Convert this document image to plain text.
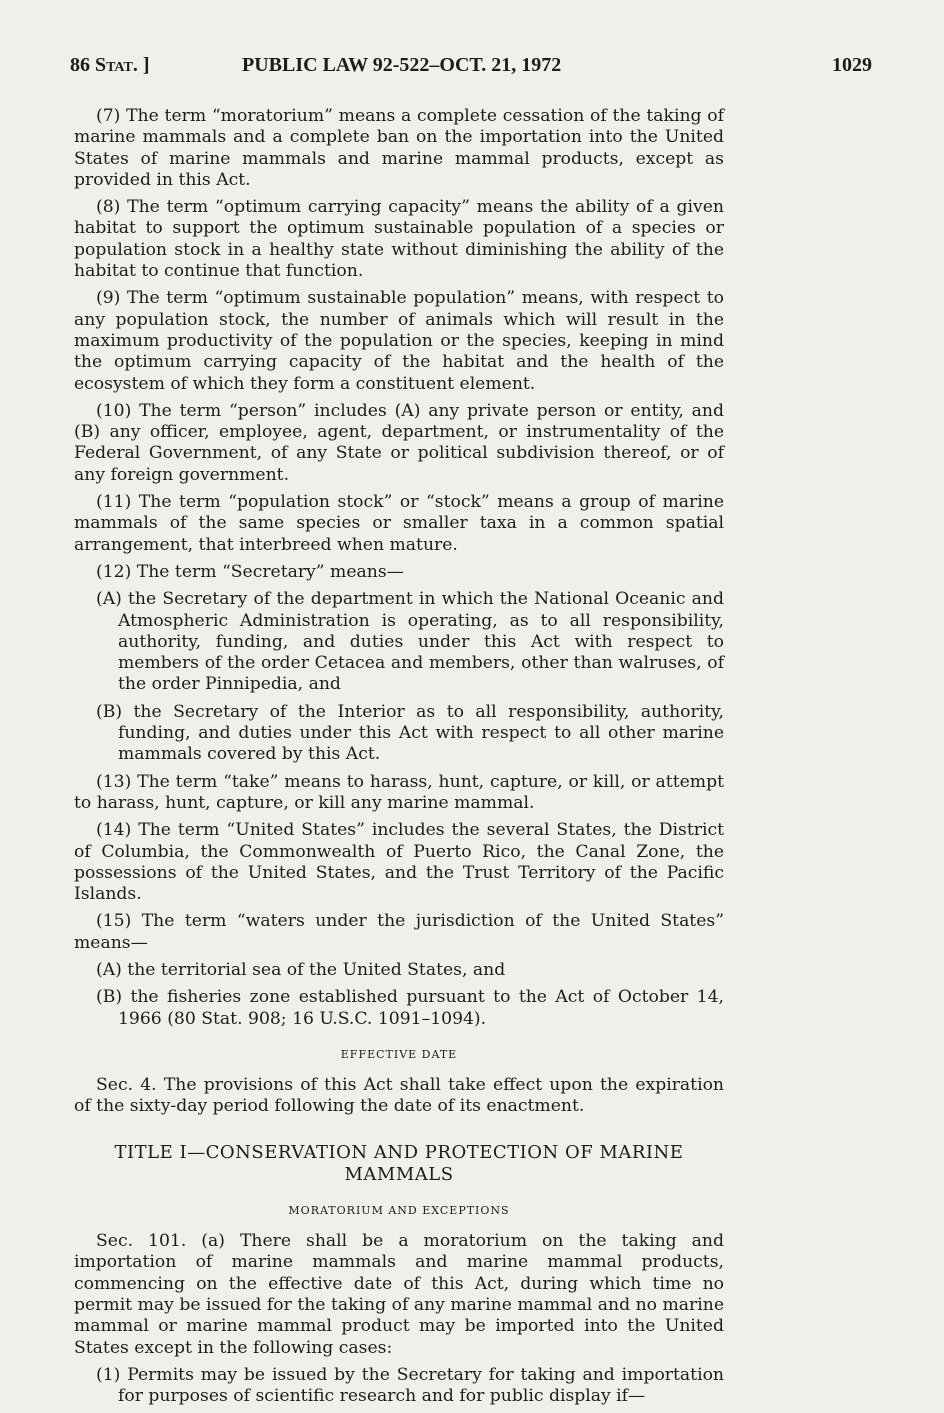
86 Stat. ]	PUBLIC LAW 92-522–OCT. 21, 1972	1029

(7) The term “moratorium” means a complete cessation of the taking of marine mammals and a complete ban on the importation into the United States of marine mammals and marine mammal products, except as provided in this Act.

(8) The term “optimum carrying capacity” means the ability of a given habitat to support the optimum sustainable population of a species or population stock in a healthy state without diminishing the ability of the habitat to continue that function.

(9) The term “optimum sustainable population” means, with respect to any population stock, the number of animals which will result in the maximum productivity of the population or the species, keeping in mind the optimum carrying capacity of the habitat and the health of the ecosystem of which they form a constituent element.

(10) The term “person” includes (A) any private person or entity, and (B) any officer, employee, agent, department, or instrumentality of the Federal Government, of any State or political subdivision thereof, or of any foreign government.

(11) The term “population stock” or “stock” means a group of marine mammals of the same species or smaller taxa in a common spatial arrangement, that interbreed when mature.

(12) The term “Secretary” means—

(A) the Secretary of the department in which the National Oceanic and Atmospheric Administration is operating, as to all responsibility, authority, funding, and duties under this Act with respect to members of the order Cetacea and members, other than walruses, of the order Pinnipedia, and

(B) the Secretary of the Interior as to all responsibility, authority, funding, and duties under this Act with respect to all other marine mammals covered by this Act.

(13) The term “take” means to harass, hunt, capture, or kill, or attempt to harass, hunt, capture, or kill any marine mammal.

(14) The term “United States” includes the several States, the District of Columbia, the Commonwealth of Puerto Rico, the Canal Zone, the possessions of the United States, and the Trust Territory of the Pacific Islands.

(15) The term “waters under the jurisdiction of the United States” means—

(A) the territorial sea of the United States, and

(B) the fisheries zone established pursuant to the Act of October 14, 1966 (80 Stat. 908; 16 U.S.C. 1091–1094).

EFFECTIVE DATE

Sec. 4. The provisions of this Act shall take effect upon the expiration of the sixty-day period following the date of its enactment.

TITLE I—CONSERVATION AND PROTECTION OF MARINE MAMMALS

MORATORIUM AND EXCEPTIONS

Sec. 101. (a) There shall be a moratorium on the taking and importation of marine mammals and marine mammal products, commencing on the effective date of this Act, during which time no permit may be issued for the taking of any marine mammal and no marine mammal or marine mammal product may be imported into the United States except in the following cases:

(1) Permits may be issued by the Secretary for taking and importation for purposes of scientific research and for public display if—
